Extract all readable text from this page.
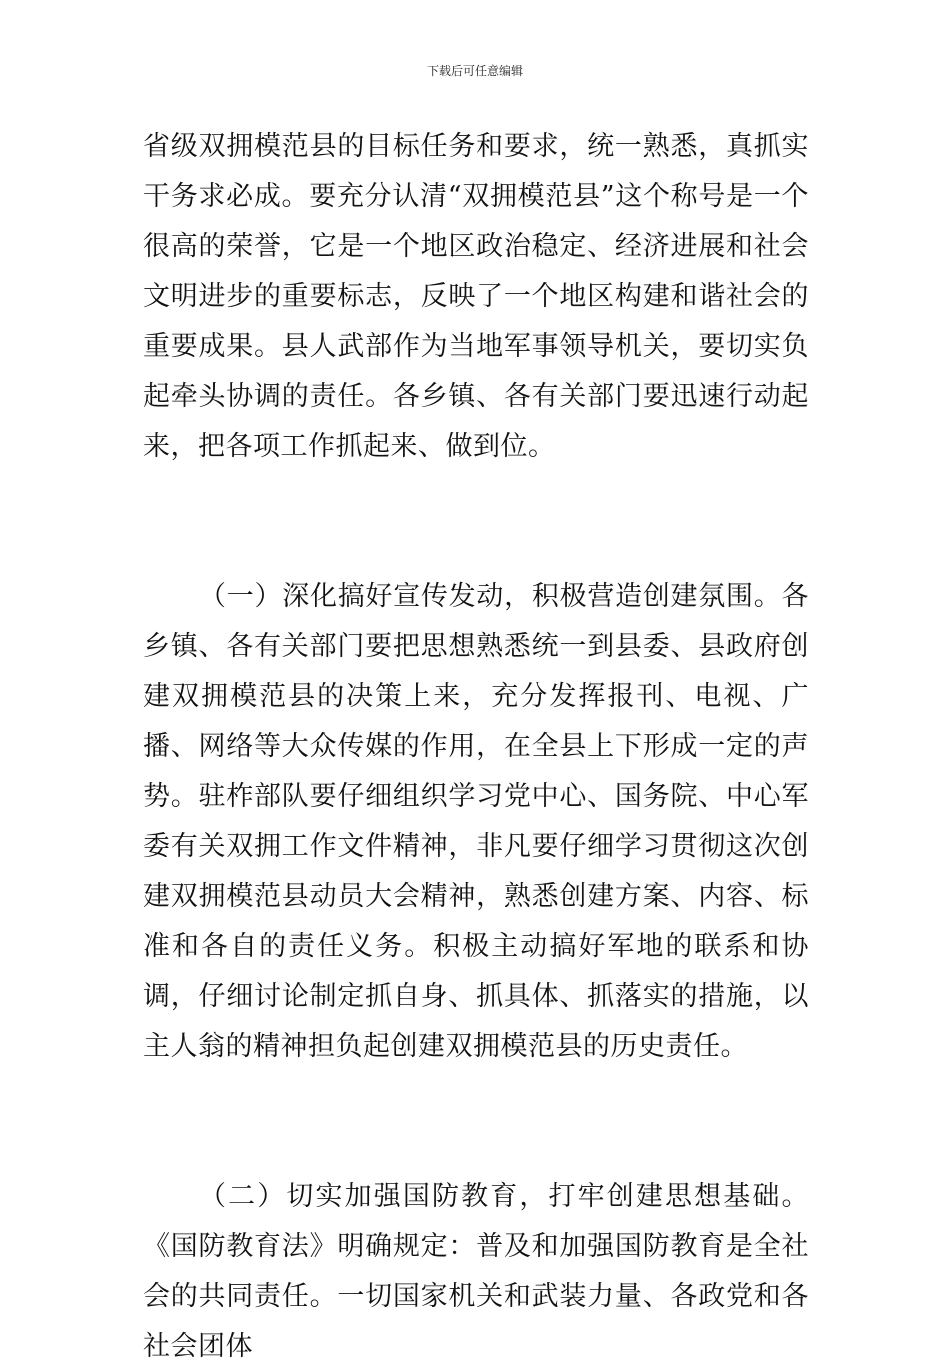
下载后可任意编辑

省级双拥模范县的目标任务和要求，统一熟悉，真抓实干务求必成。要充分认清“双拥模范县”这个称号是一个很高的荣誉，它是一个地区政治稳定、经济进展和社会文明进步的重要标志，反映了一个地区构建和谐社会的重要成果。县人武部作为当地军事领导机关，要切实负起牵头协调的责任。各乡镇、各有关部门要迅速行动起来，把各项工作抓起来、做到位。

（一）深化搞好宣传发动，积极营造创建氛围。各乡镇、各有关部门要把思想熟悉统一到县委、县政府创建双拥模范县的决策上来，充分发挥报刊、电视、广播、网络等大众传媒的作用，在全县上下形成一定的声势。驻柞部队要仔细组织学习党中心、国务院、中心军委有关双拥工作文件精神，非凡要仔细学习贯彻这次创建双拥模范县动员大会精神，熟悉创建方案、内容、标准和各自的责任义务。积极主动搞好军地的联系和协调，仔细讨论制定抓自身、抓具体、抓落实的措施，以主人翁的精神担负起创建双拥模范县的历史责任。

（二）切实加强国防教育，打牢创建思想基础。《国防教育法》明确规定：普及和加强国防教育是全社会的共同责任。一切国家机关和武装力量、各政党和各社会团体
